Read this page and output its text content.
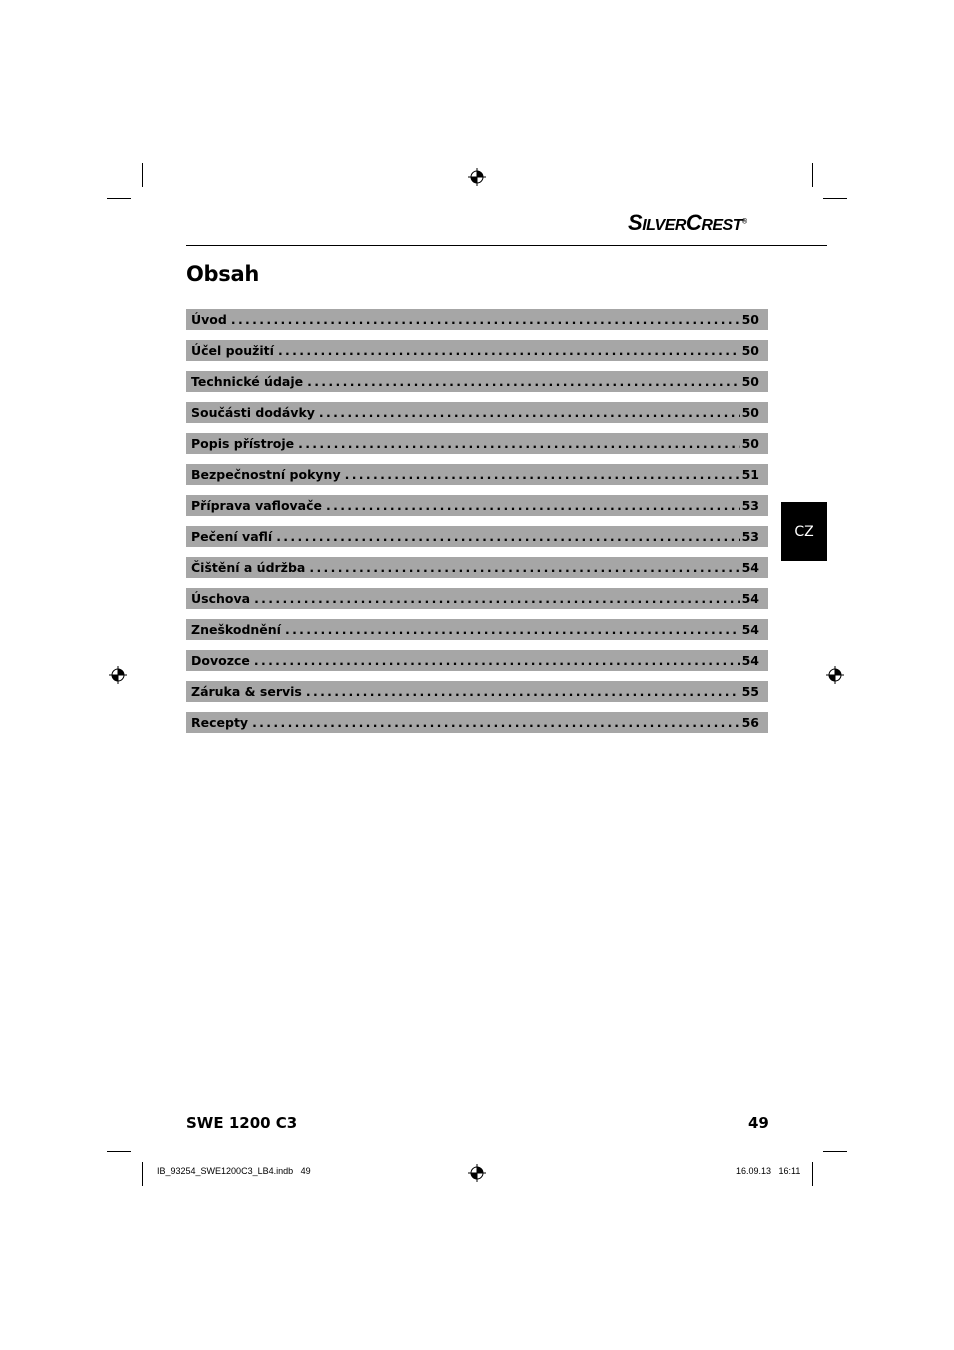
SILVERCREST®
Obsah
Úvod . . .	50
Účel použití . . .	50
Technické údaje . . .	50
Součásti dodávky . . .	50
Popis přístroje . . .	50
Bezpečnostní pokyny . . .	51
Příprava vaflovače . . .	53
Pečení vaflí . . .	53
Čištění a údržba . . .	54
Úschova . . .	54
Zneškodnění . . .	54
Dovozce . . .	54
Záruka & servis . . .	55
Recepty . . .	56
CZ
SWE 1200 C3	49
IB_93254_SWE1200C3_LB4.indb   49	16.09.13   16:11
